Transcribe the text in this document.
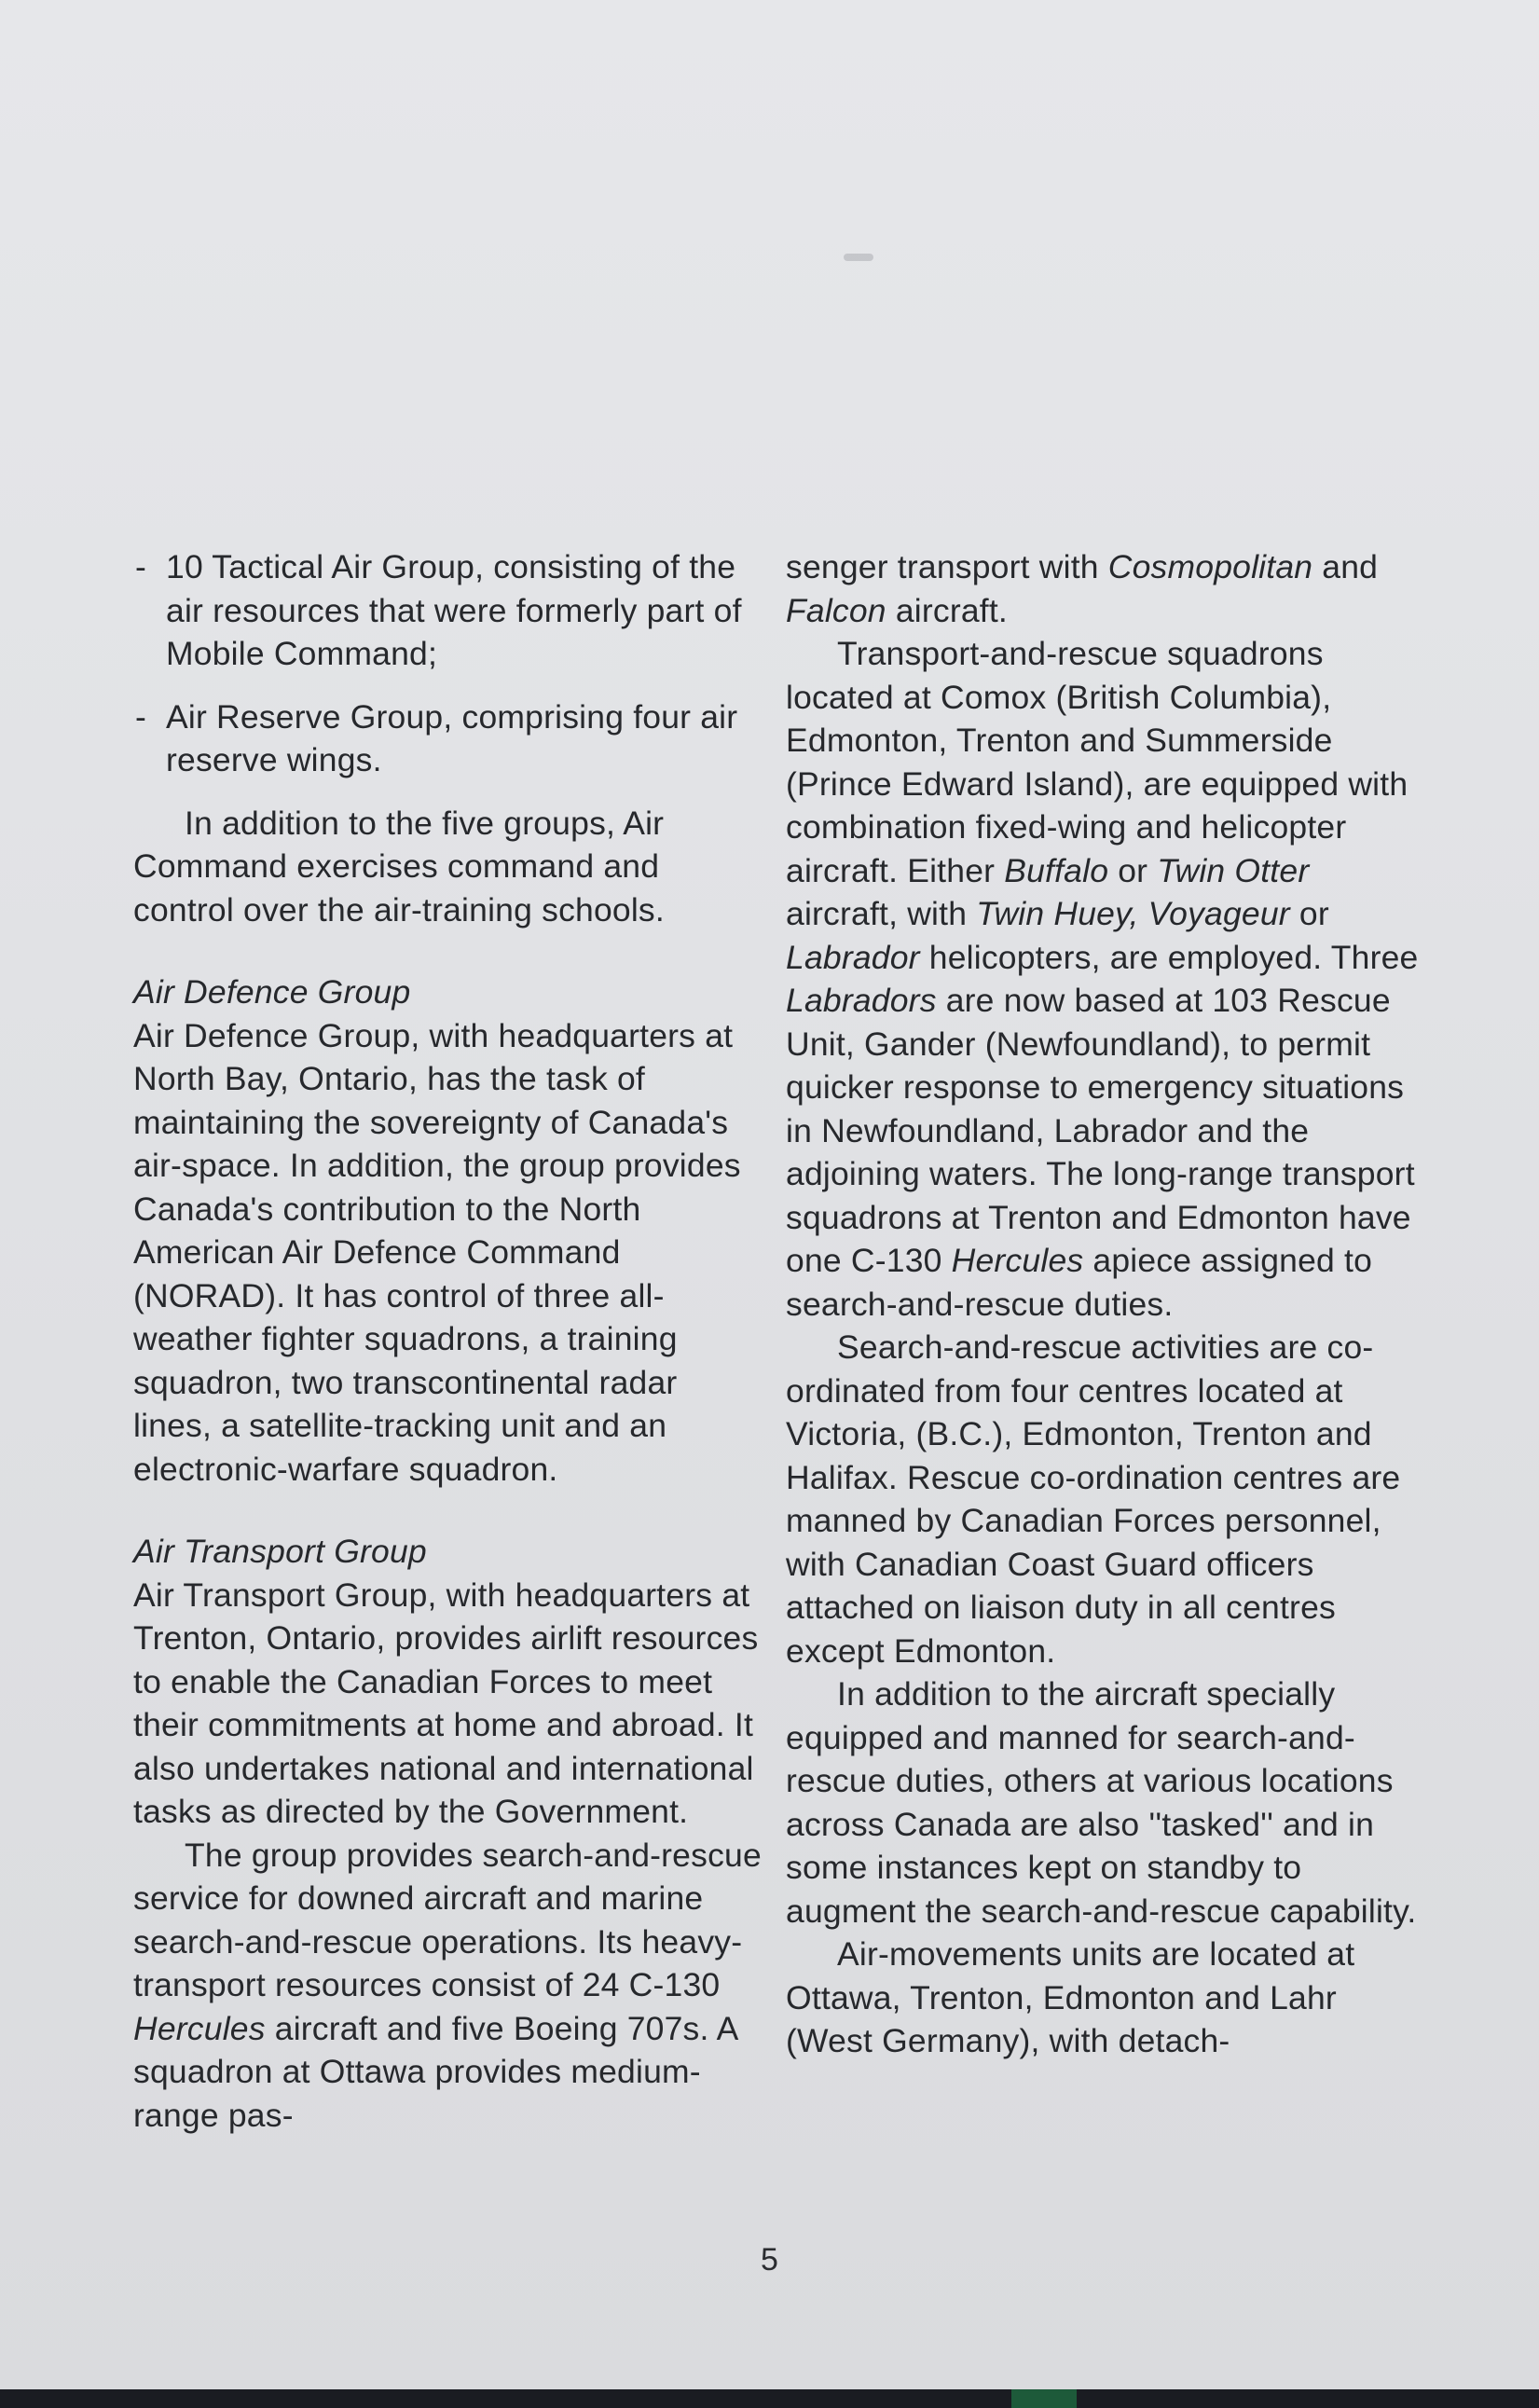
- 10 Tactical Air Group, consisting of the air resources that were formerly part of Mobile Command;

- Air Reserve Group, comprising four air reserve wings.

In addition to the five groups, Air Command exercises command and control over the air-training schools.

Air Defence Group

Air Defence Group, with headquarters at North Bay, Ontario, has the task of maintaining the sovereignty of Canada's air-space. In addition, the group provides Canada's contribution to the North American Air Defence Command (NORAD). It has control of three all-weather fighter squadrons, a training squadron, two transcontinental radar lines, a satellite-tracking unit and an electronic-warfare squadron.

Air Transport Group

Air Transport Group, with headquarters at Trenton, Ontario, provides airlift resources to enable the Canadian Forces to meet their commitments at home and abroad. It also undertakes national and international tasks as directed by the Government.

The group provides search-and-rescue service for downed aircraft and marine search-and-rescue operations. Its heavy-transport resources consist of 24 C-130 Hercules aircraft and five Boeing 707s. A squadron at Ottawa provides medium-range pas-

senger transport with Cosmopolitan and Falcon aircraft.

Transport-and-rescue squadrons located at Comox (British Columbia), Edmonton, Trenton and Summerside (Prince Edward Island), are equipped with combination fixed-wing and helicopter aircraft. Either Buffalo or Twin Otter aircraft, with Twin Huey, Voyageur or Labrador helicopters, are employed. Three Labradors are now based at 103 Rescue Unit, Gander (Newfoundland), to permit quicker response to emergency situations in Newfoundland, Labrador and the adjoining waters. The long-range transport squadrons at Trenton and Edmonton have one C-130 Hercules apiece assigned to search-and-rescue duties.

Search-and-rescue activities are co-ordinated from four centres located at Victoria, (B.C.), Edmonton, Trenton and Halifax. Rescue co-ordination centres are manned by Canadian Forces personnel, with Canadian Coast Guard officers attached on liaison duty in all centres except Edmonton.

In addition to the aircraft specially equipped and manned for search-and-rescue duties, others at various locations across Canada are also ''tasked'' and in some instances kept on standby to augment the search-and-rescue capability.

Air-movements units are located at Ottawa, Trenton, Edmonton and Lahr (West Germany), with detach-

5
